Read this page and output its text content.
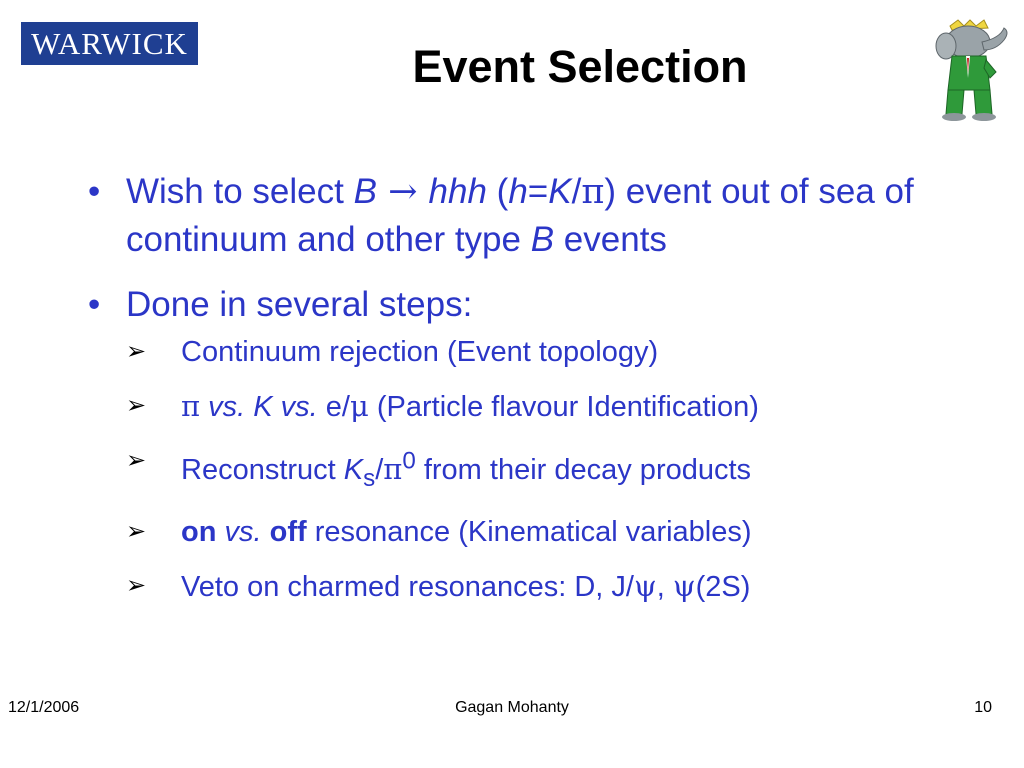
WARWICK	Event Selection
• Wish to select B → hhh (h=K/π) event out of sea of continuum and other type B events
• Done in several steps:
➢ Continuum rejection (Event topology)
➢ π vs. K vs. e/μ (Particle flavour Identification)
➢ Reconstruct $K_s/\pi^0$ from their decay products
➢ on vs. off resonance (Kinematical variables)
➢ Veto on charmed resonances: D, J/ψ, ψ(2S)
12/1/2006	Gagan Mohanty	10
